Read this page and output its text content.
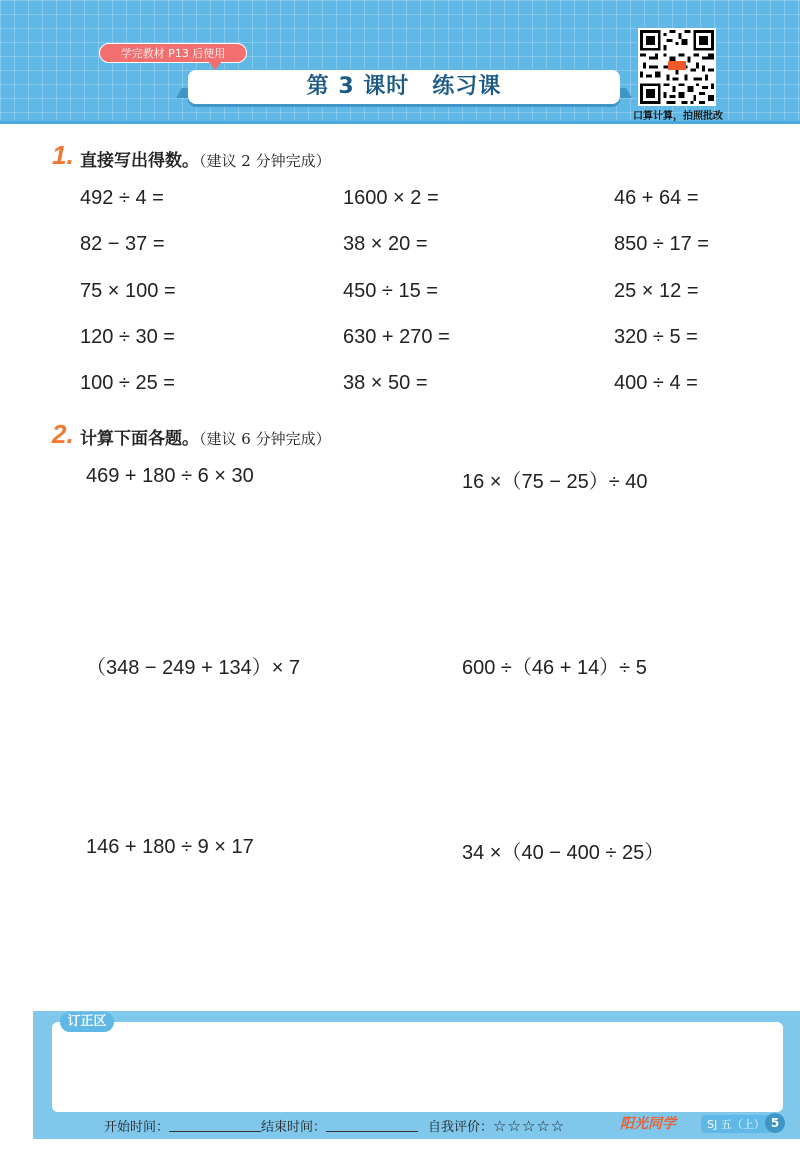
学完教材 P13 后使用
第 3 课时　练习课
口算计算，拍照批改
1. 直接写出得数。（建议 2 分钟完成）
492 ÷ 4 =	1600 × 2 =	46 + 64 =
82 − 37 =	38 × 20 =	850 ÷ 17 =
75 × 100 =	450 ÷ 15 =	25 × 12 =
120 ÷ 30 =	630 + 270 =	320 ÷ 5 =
100 ÷ 25 =	38 × 50 =	400 ÷ 4 =
2. 计算下面各题。（建议 6 分钟完成）
469 + 180 ÷ 6 × 30	16 ×（75 − 25）÷ 40
（348 − 249 + 134）× 7	600 ÷（46 + 14）÷ 5
146 + 180 ÷ 9 × 17	34 ×（40 − 400 ÷ 25）
订正区
开始时间：	结束时间：	自我评价：☆☆☆☆☆	阳光同学	SJ 五（上） 5
